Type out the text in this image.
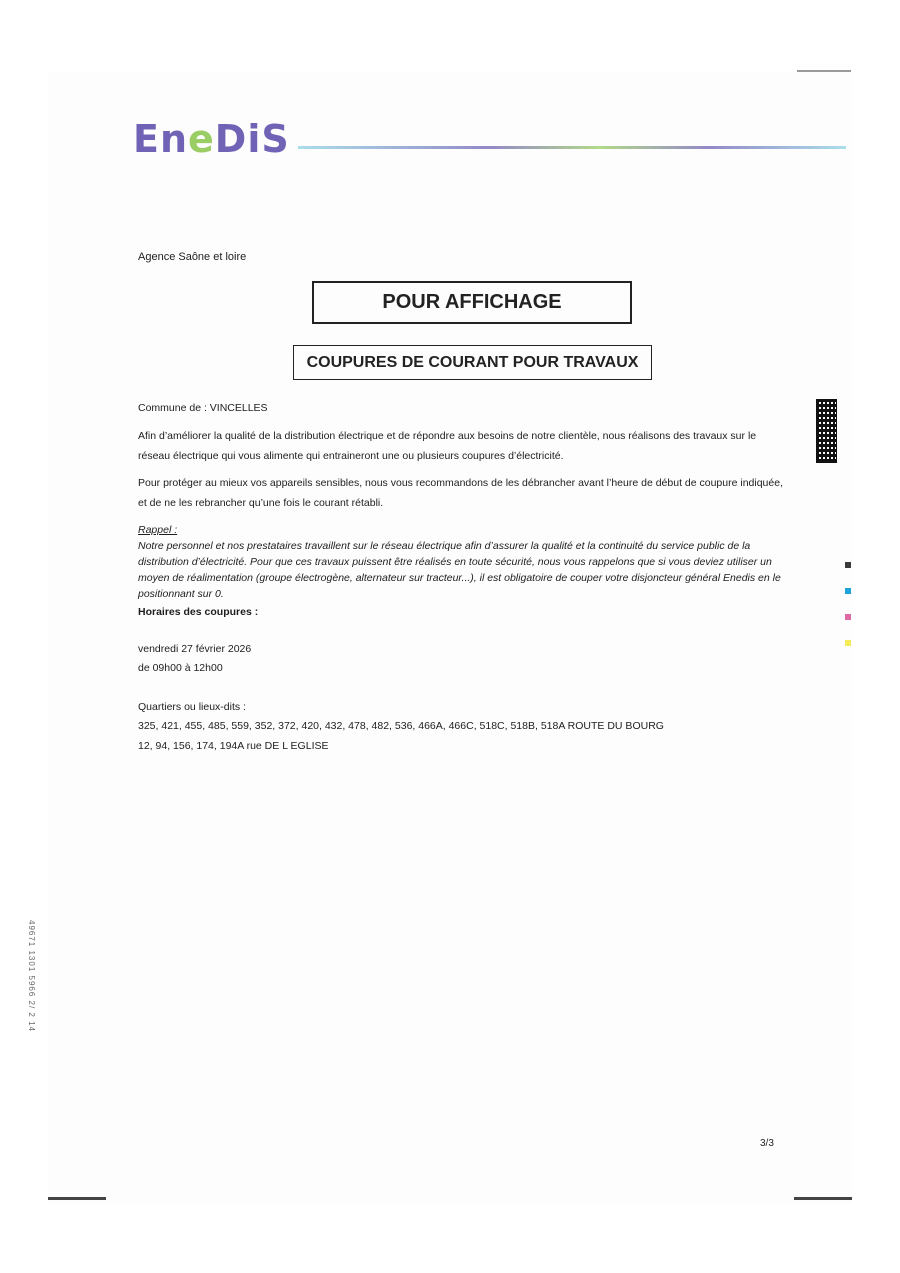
EneDiS
Agence Saône et loire
POUR AFFICHAGE
COUPURES DE COURANT POUR TRAVAUX
Commune de : VINCELLES
Afin d’améliorer la qualité de la distribution électrique et de répondre aux besoins de notre clientèle, nous réalisons des travaux sur le réseau électrique qui vous alimente qui entraineront une ou plusieurs coupures d’électricité.
Pour protéger au mieux vos appareils sensibles, nous vous recommandons de les débrancher avant l’heure de début de coupure indiquée, et de ne les rebrancher qu’une fois le courant rétabli.
Rappel :
Notre personnel et nos prestataires travaillent sur le réseau électrique afin d’assurer la qualité et la continuité du service public de la distribution d’électricité. Pour que ces travaux puissent être réalisés en toute sécurité, nous vous rappelons que si vous deviez utiliser un moyen de réalimentation (groupe électrogène, alternateur sur tracteur...), il est obligatoire de couper votre disjoncteur général Enedis en le positionnant sur 0.
Horaires des coupures :
vendredi 27 février 2026
de 09h00 à 12h00
Quartiers ou lieux-dits :
325, 421, 455, 485, 559, 352, 372, 420, 432, 478, 482, 536, 466A, 466C, 518C, 518B, 518A ROUTE DU BOURG
12, 94, 156, 174, 194A rue DE L EGLISE
3/3
49671 1301 5966 2/ 2 14
